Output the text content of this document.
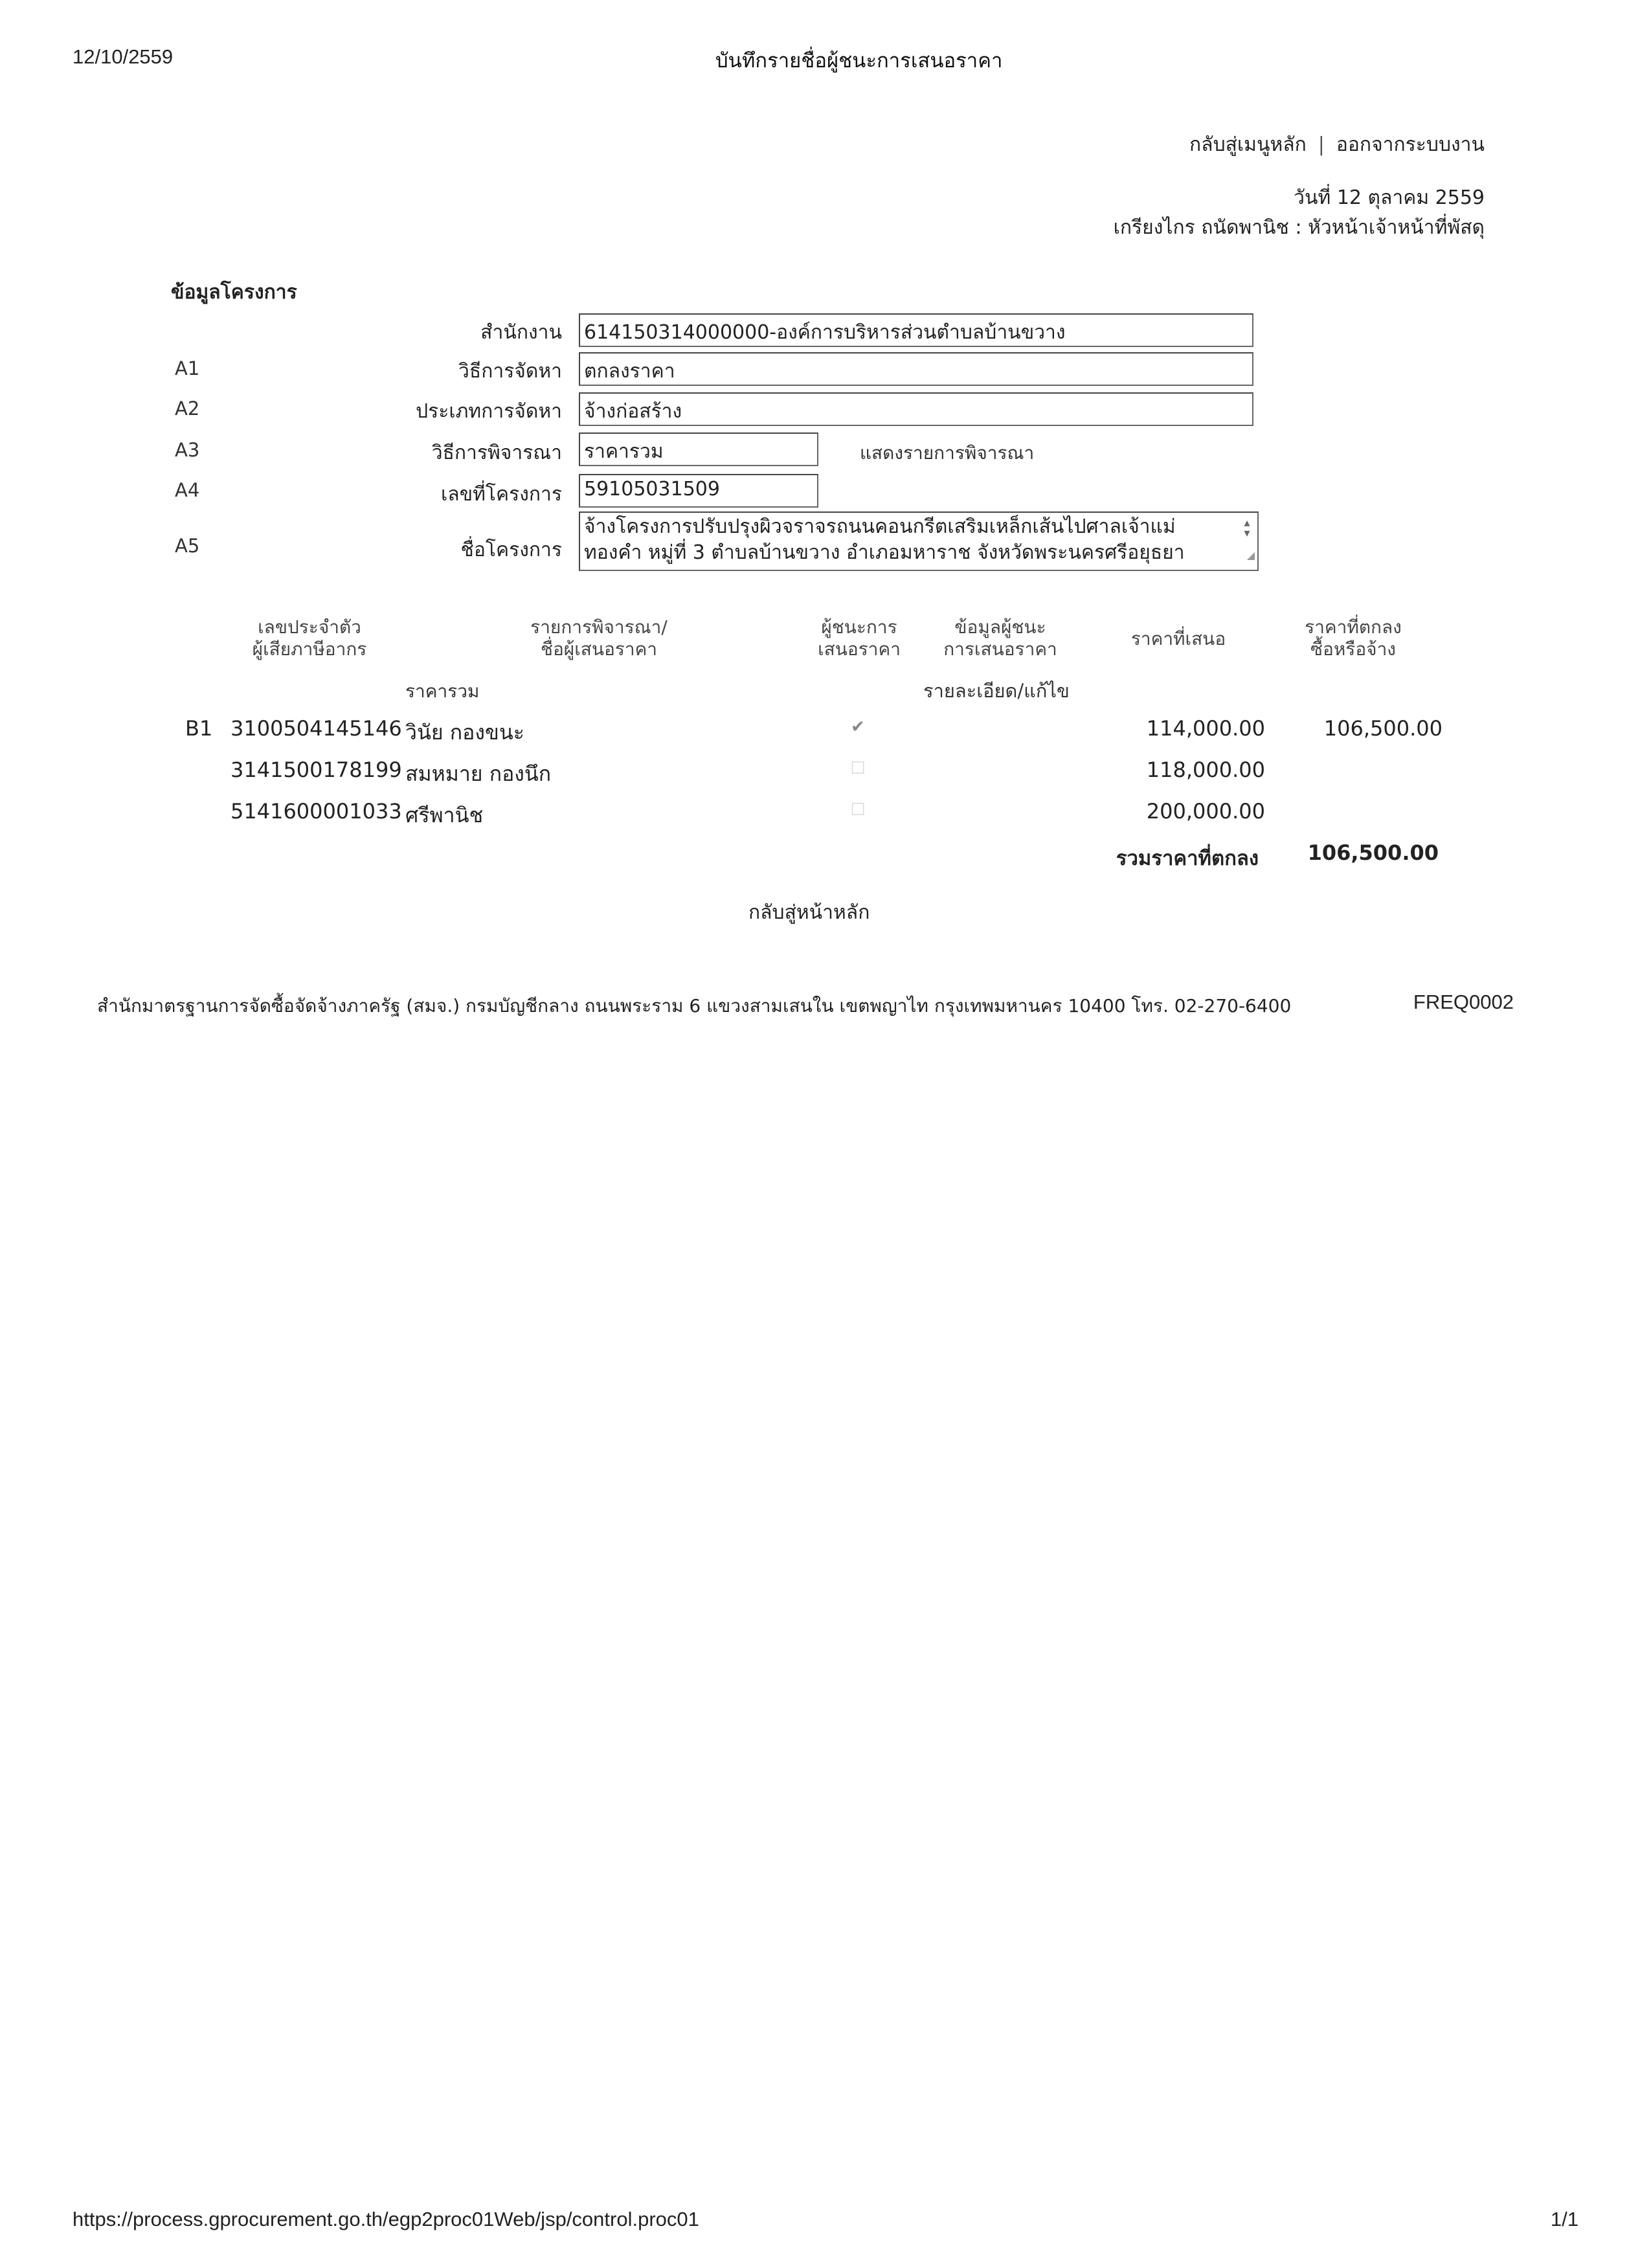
12/10/2559	บันทึกรายชื่อผู้ชนะการเสนอราคา
กลับสู่เมนูหลัก | ออกจากระบบงาน
วันที่ 12 ตุลาคม 2559
เกรียงไกร ถนัดพานิช : หัวหน้าเจ้าหน้าที่พัสดุ
ข้อมูลโครงการ
สำนักงาน 614150314000000-องค์การบริหารส่วนตำบลบ้านขวาง
A1	วิธีการจัดหา ตกลงราคา
A2	ประเภทการจัดหา จ้างก่อสร้าง
A3	วิธีการพิจารณา ราคารวม	แสดงรายการพิจารณา
A4	เลขที่โครงการ 59105031509
A5	ชื่อโครงการ
จ้างโครงการปรับปรุงผิวจราจรถนนคอนกรีตเสริมเหล็กเส้นไปศาลเจ้าแม่ ทองคำ หมู่ที่ 3 ตำบลบ้านขวาง อำเภอมหาราช จังหวัดพระนครศรีอยุธยา
▴
▾
◢
เลขประจำตัว
ผู้เสียภาษีอากร
รายการพิจารณา/
ชื่อผู้เสนอราคา
ผู้ชนะการ
เสนอราคา
ข้อมูลผู้ชนะ
การเสนอราคา	ราคาที่เสนอ
ราคาที่ตกลง
ซื้อหรือจ้าง
ราคารวม	รายละเอียด/แก้ไข
B1 3100504145146 วินัย กองขนะ	✔	114,000.00	106,500.00
3141500178199 สมหมาย กองนึก	☐	118,000.00
5141600001033 ศรีพานิช	☐	200,000.00
รวมราคาที่ตกลง 106,500.00
กลับสู่หน้าหลัก
สำนักมาตรฐานการจัดซื้อจัดจ้างภาครัฐ (สมจ.) กรมบัญชีกลาง ถนนพระราม 6 แขวงสามเสนใน เขตพญาไท กรุงเทพมหานคร 10400 โทร. 02-270-6400	FREQ0002
https://process.gprocurement.go.th/egp2proc01Web/jsp/control.proc01	1/1
